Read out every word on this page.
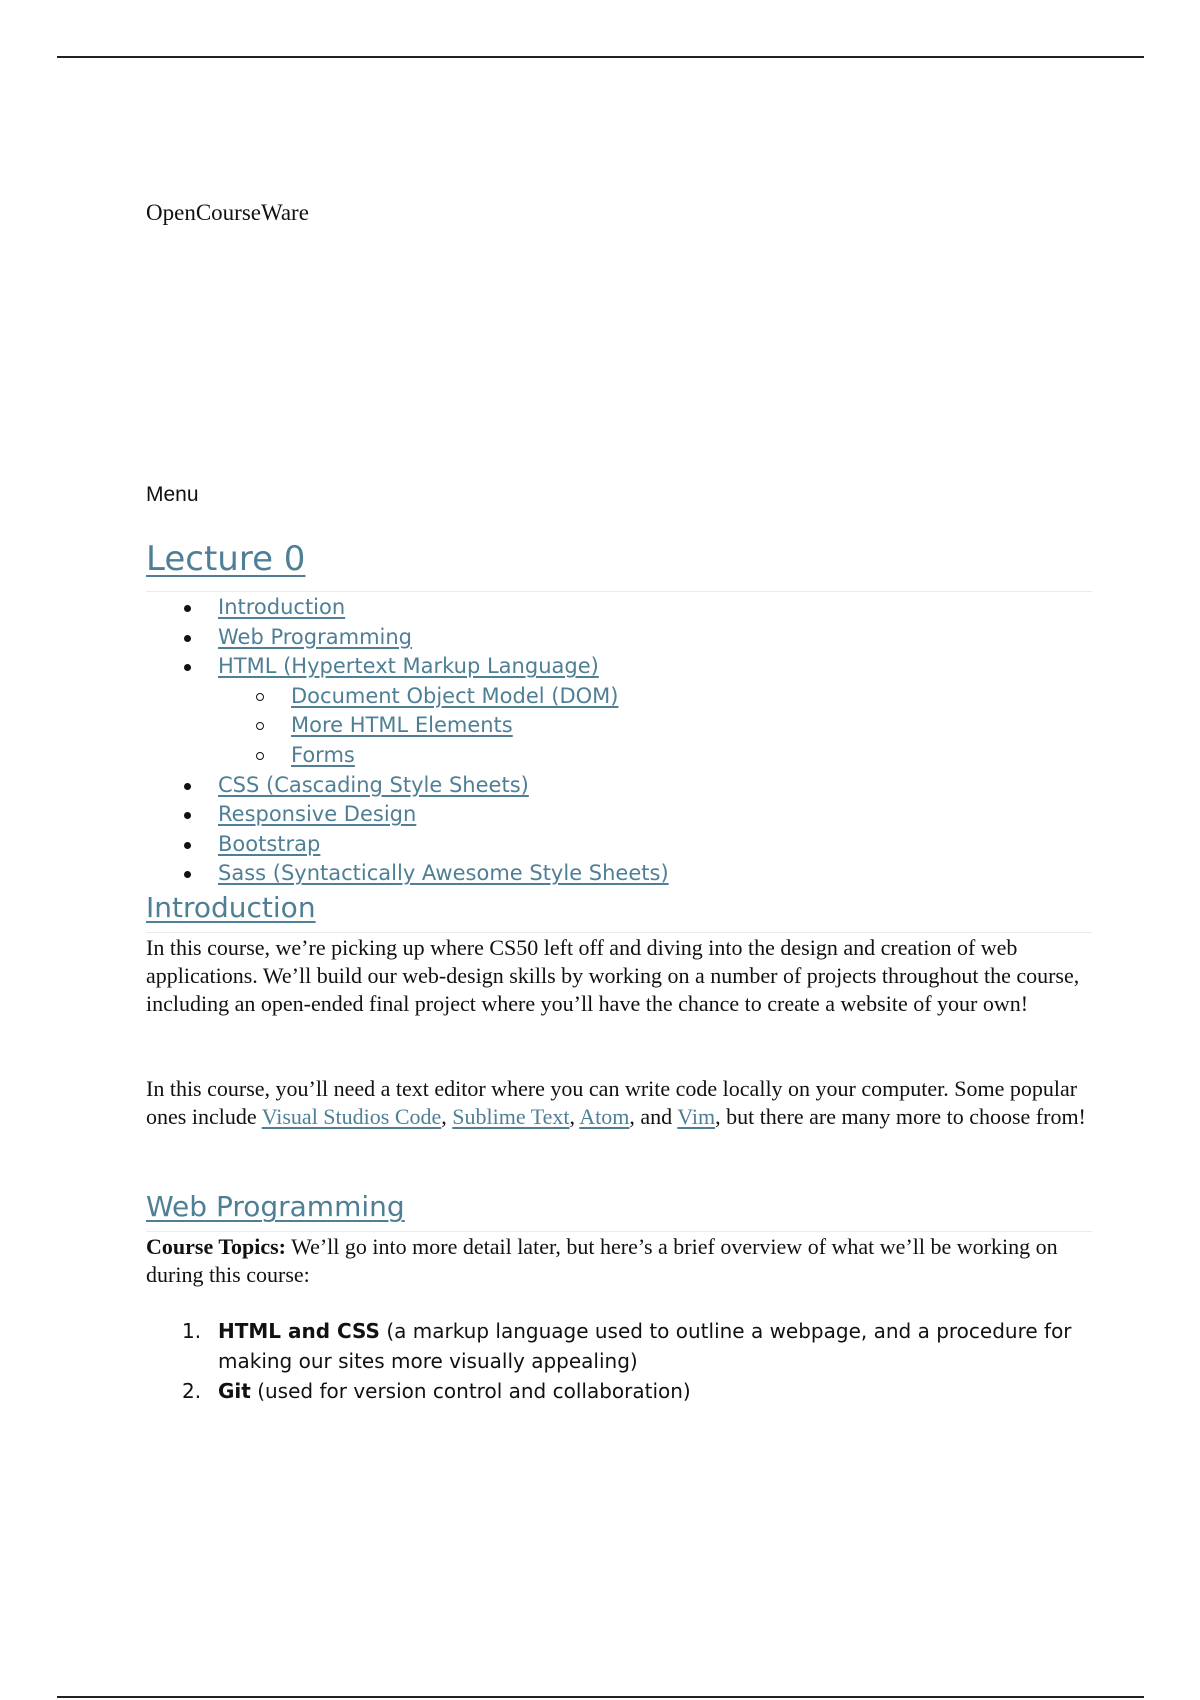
OpenCourseWare
Menu
Lecture 0
Introduction
Web Programming
HTML (Hypertext Markup Language)
Document Object Model (DOM)
More HTML Elements
Forms
CSS (Cascading Style Sheets)
Responsive Design
Bootstrap
Sass (Syntactically Awesome Style Sheets)
Introduction

In this course, we’re picking up where CS50 left off and diving into the design and creation of web applications. We’ll build our web-design skills by working on a number of projects throughout the course, including an open-ended final project where you’ll have the chance to create a website of your own!

In this course, you’ll need a text editor where you can write code locally on your computer. Some popular ones include Visual Studios Code, Sublime Text, Atom, and Vim, but there are many more to choose from!

Web Programming

Course Topics: We’ll go into more detail later, but here’s a brief overview of what we’ll be working on during this course:

1. HTML and CSS (a markup language used to outline a webpage, and a procedure for making our sites more visually appealing)
2. Git (used for version control and collaboration)
